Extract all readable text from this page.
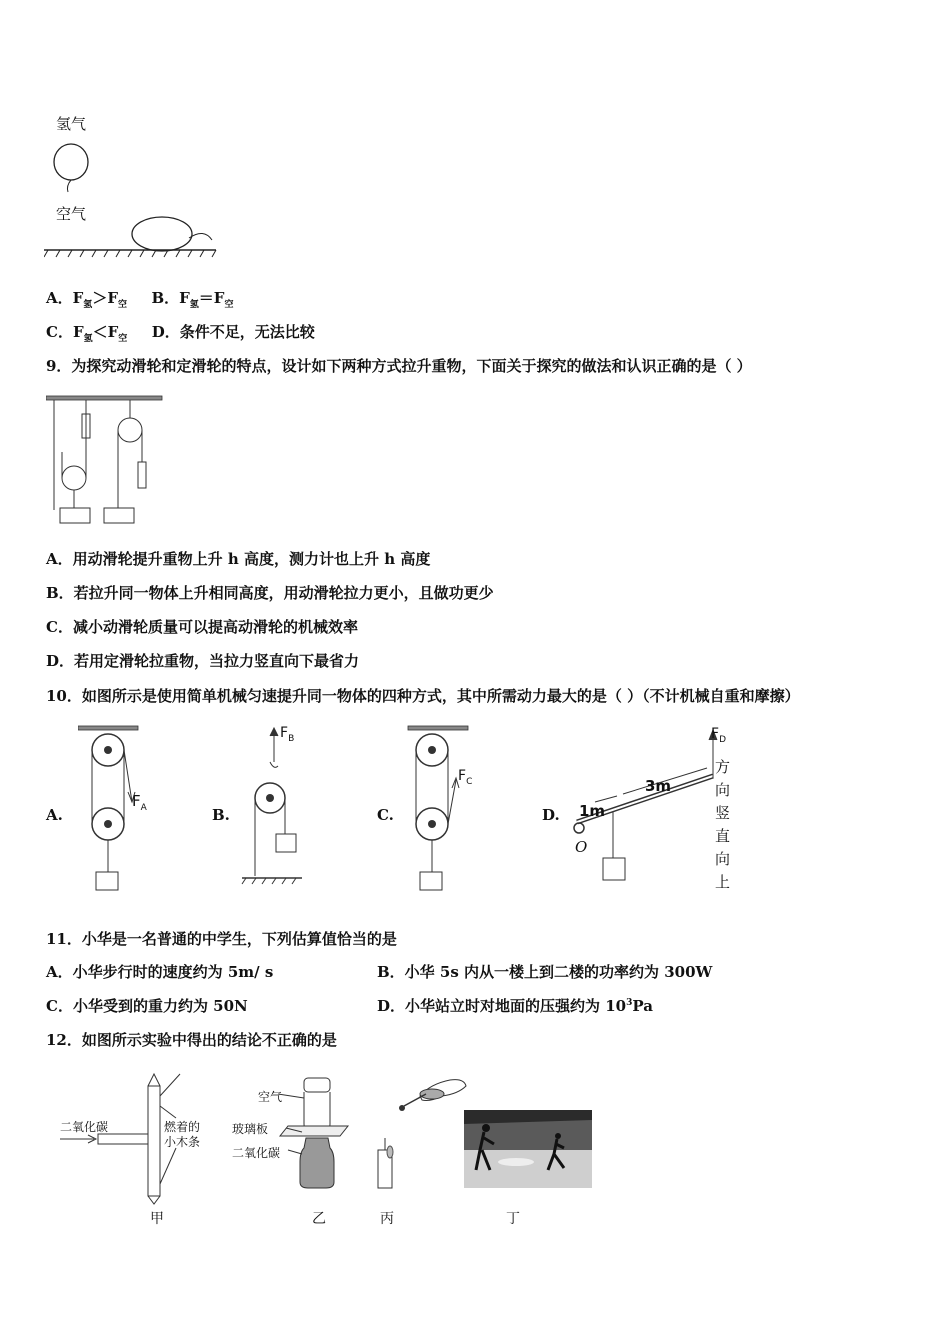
氢气
空气
A．$F_氢>F_空$ B．$F_氢=F_空$
C．$F_氢<F_空$ D．条件不足，无法比较
9．为探究动滑轮和定滑轮的特点，设计如下两种方式拉升重物，下面关于探究的做法和认识正确的是（ ）
A．用动滑轮提升重物上升 h 高度，测力计也上升 h 高度
B．若拉升同一物体上升相同高度，用动滑轮拉力更小，且做功更少
C．减小动滑轮质量可以提高动滑轮的机械效率
D．若用定滑轮拉重物，当拉力竖直向下最省力
10．如图所示是使用简单机械匀速提升同一物体的四种方式，其中所需动力最大的是（ ）（不计机械自重和摩擦）
A.	B.	C.	D.
$F_A$
$F_B$
$F_C$
$F_D$
1m
3m
O
方
向
竖
直
向
上
11．小华是一名普通的中学生，下列估算值恰当的是
A．小华步行时的速度约为 5m/ s	B．小华 5s 内从一楼上到二楼的功率约为 300W
C．小华受到的重力约为 50N	D．小华站立时对地面的压强约为 $10^3Pa$
12．如图所示实验中得出的结论不正确的是
二氧化碳	燃着的
小木条
甲
空气
玻璃板
二氧化碳
乙	丙	丁
